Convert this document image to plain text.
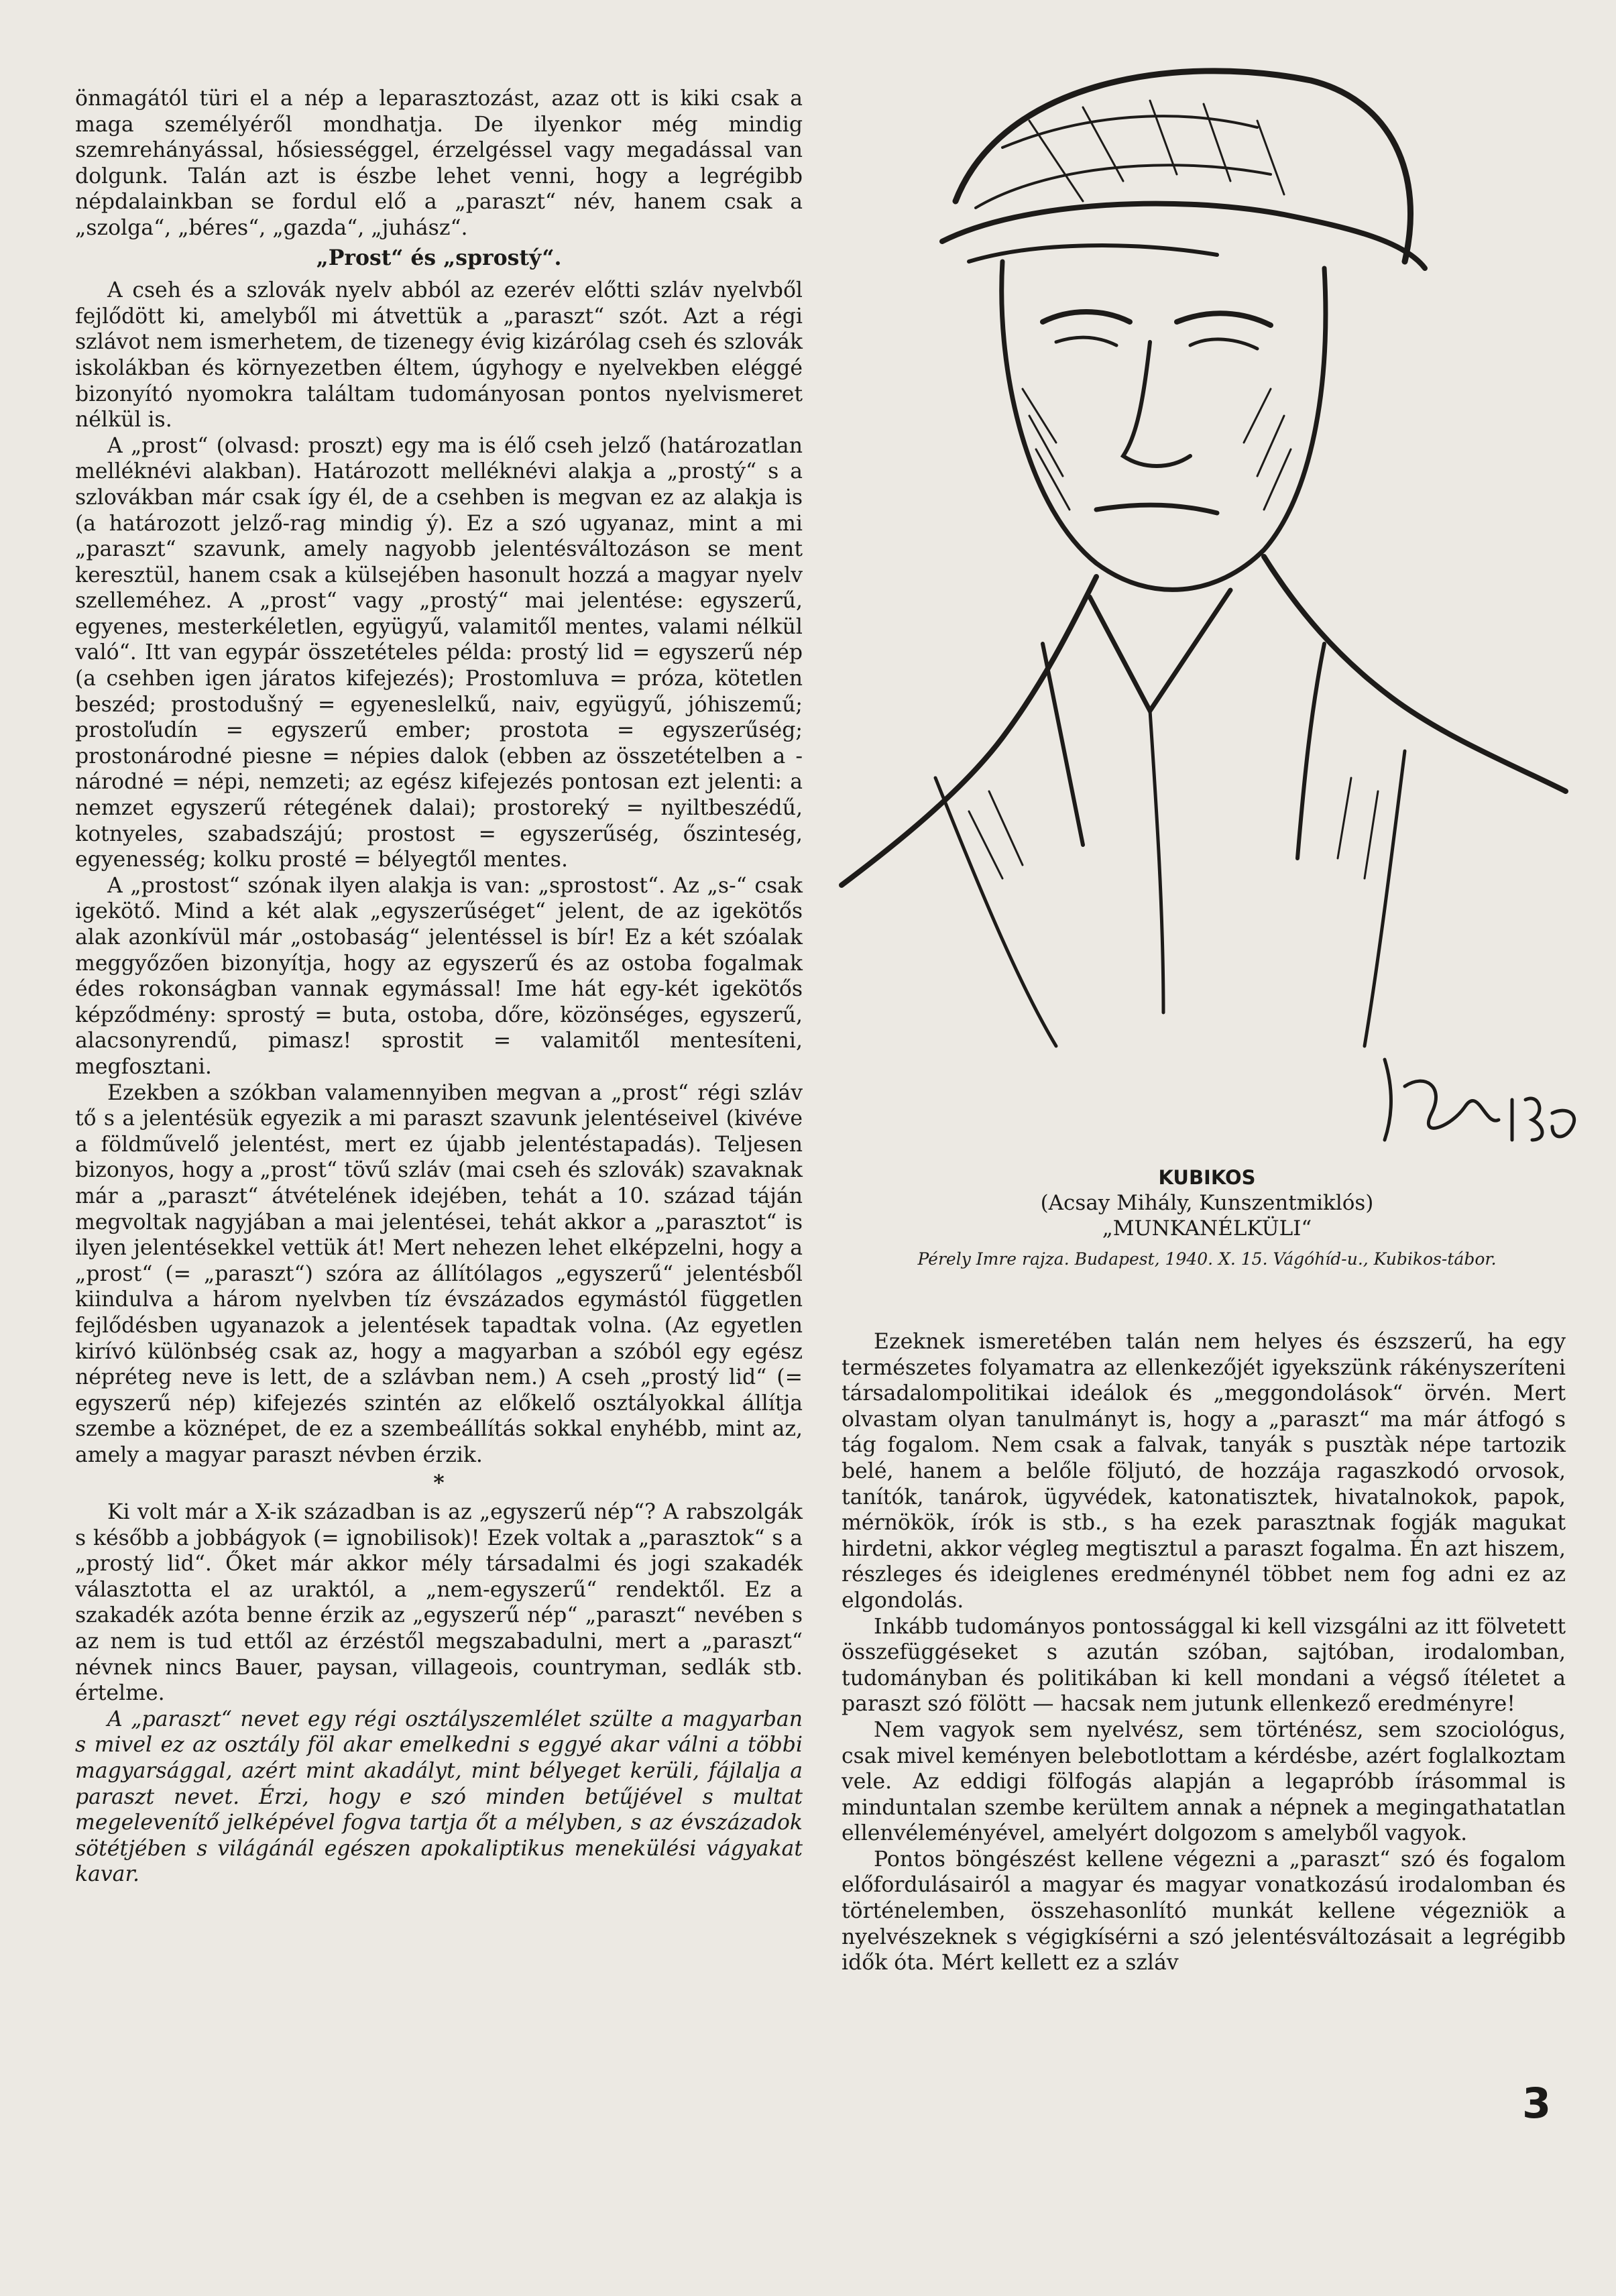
önmagától türi el a nép a leparasztozást, azaz ott is kiki csak a maga személyéről mondhatja. De ilyenkor még mindig szemrehányással, hősiességgel, érzelgéssel vagy megadással van dolgunk. Talán azt is észbe lehet venni, hogy a legrégibb népdalainkban se fordul elő a „paraszt“ név, hanem csak a „szolga“, „béres“, „gazda“, „juhász“.

„Prost“ és „sprostý“.

A cseh és a szlovák nyelv abból az ezerév előtti szláv nyelvből fejlődött ki, amelyből mi átvettük a „paraszt“ szót. Azt a régi szlávot nem ismerhetem, de tizenegy évig kizárólag cseh és szlovák iskolákban és környezetben éltem, úgyhogy e nyelvekben eléggé bizonyító nyomokra találtam tudományosan pontos nyelvismeret nélkül is.

A „prost“ (olvasd: proszt) egy ma is élő cseh jelző (határozatlan melléknévi alakban). Határozott melléknévi alakja a „prostý“ s a szlovákban már csak így él, de a csehben is megvan ez az alakja is (a határozott jelző-rag mindig ý). Ez a szó ugyanaz, mint a mi „paraszt“ szavunk, amely nagyobb jelentésváltozáson se ment keresztül, hanem csak a külsejében hasonult hozzá a magyar nyelv szelleméhez. A „prost“ vagy „prostý“ mai jelentése: egyszerű, egyenes, mesterkéletlen, együgyű, valamitől mentes, valami nélkül való“. Itt van egypár összetételes példa: prostý lid = egyszerű nép (a csehben igen járatos kifejezés); Prostomluva = próza, kötetlen beszéd; prostodušný = egyeneslelkű, naiv, együgyű, jóhiszemű; prostoľudín = egyszerű ember; prostota = egyszerűség; prostonárodné piesne = népies dalok (ebben az összetételben a -národné = népi, nemzeti; az egész kifejezés pontosan ezt jelenti: a nemzet egyszerű rétegének dalai); prostoreký = nyiltbeszédű, kotnyeles, szabadszájú; prostost = egyszerűség, őszinteség, egyenesség; kolku prosté = bélyegtől mentes.

A „prostost“ szónak ilyen alakja is van: „sprostost“. Az „s-“ csak igekötő. Mind a két alak „egyszerűséget“ jelent, de az igekötős alak azonkívül már „ostobaság“ jelentéssel is bír! Ez a két szóalak meggyőzően bizonyítja, hogy az egyszerű és az ostoba fogalmak édes rokonságban vannak egymással! Ime hát egy-két igekötős képződmény: sprostý = buta, ostoba, dőre, közönséges, egyszerű, alacsonyrendű, pimasz! sprostit = valamitől mentesíteni, megfosztani.

Ezekben a szókban valamennyiben megvan a „prost“ régi szláv tő s a jelentésük egyezik a mi paraszt szavunk jelentéseivel (kivéve a földművelő jelentést, mert ez újabb jelentéstapadás). Teljesen bizonyos, hogy a „prost“ tövű szláv (mai cseh és szlovák) szavaknak már a „paraszt“ átvételének idejében, tehát a 10. század táján megvoltak nagyjában a mai jelentései, tehát akkor a „parasztot“ is ilyen jelentésekkel vettük át! Mert nehezen lehet elképzelni, hogy a „prost“ (= „paraszt“) szóra az állítólagos „egyszerű“ jelentésből kiindulva a három nyelvben tíz évszázados egymástól független fejlődésben ugyanazok a jelentések tapadtak volna. (Az egyetlen kirívó különbség csak az, hogy a magyarban a szóból egy egész népréteg neve is lett, de a szlávban nem.) A cseh „prostý lid“ (= egyszerű nép) kifejezés szintén az előkelő osztályokkal állítja szembe a köznépet, de ez a szembeállítás sokkal enyhébb, mint az, amely a magyar paraszt névben érzik.

*

Ki volt már a X-ik században is az „egyszerű nép“? A rabszolgák s később a jobbágyok (= ignobilisok)! Ezek voltak a „parasztok“ s a „prostý lid“. Őket már akkor mély társadalmi és jogi szakadék választotta el az uraktól, a „nem-egyszerű“ rendektől. Ez a szakadék azóta benne érzik az „egyszerű nép“ „paraszt“ nevében s az nem is tud ettől az érzéstől megszabadulni, mert a „paraszt“ névnek nincs Bauer, paysan, villageois, countryman, sedlák stb. értelme.

A „paraszt“ nevet egy régi osztályszemlélet szülte a magyarban s mivel ez az osztály föl akar emelkedni s eggyé akar válni a többi magyarsággal, azért mint akadályt, mint bélyeget kerüli, fájlalja a paraszt nevet. Érzi, hogy e szó minden betűjével s multat megelevenítő jelképével fogva tartja őt a mélyben, s az évszázadok sötétjében s világánál egészen apokaliptikus menekülési vágyakat kavar.

KUBIKOS
(Acsay Mihály, Kunszentmiklós)
„MUNKANÉLKÜLI“
Pérely Imre rajza. Budapest, 1940. X. 15. Vágóhíd-u., Kubikos-tábor.

Ezeknek ismeretében talán nem helyes és észszerű, ha egy természetes folyamatra az ellenkezőjét igyekszünk rákényszeríteni társadalompolitikai ideálok és „meggondolások“ örvén. Mert olvastam olyan tanulmányt is, hogy a „paraszt“ ma már átfogó s tág fogalom. Nem csak a falvak, tanyák s pusztàk népe tartozik belé, hanem a belőle följutó, de hozzája ragaszkodó orvosok, tanítók, tanárok, ügyvédek, katonatisztek, hivatalnokok, papok, mérnökök, írók is stb., s ha ezek parasztnak fogják magukat hirdetni, akkor végleg megtisztul a paraszt fogalma. Én azt hiszem, részleges és ideiglenes eredménynél többet nem fog adni ez az elgondolás.

Inkább tudományos pontossággal ki kell vizsgálni az itt fölvetett összefüggéseket s azután szóban, sajtóban, irodalomban, tudományban és politikában ki kell mondani a végső ítéletet a paraszt szó fölött — hacsak nem jutunk ellenkező eredményre!

Nem vagyok sem nyelvész, sem történész, sem szociológus, csak mivel keményen belebotlottam a kérdésbe, azért foglalkoztam vele. Az eddigi fölfogás alapján a legapróbb írásommal is minduntalan szembe kerültem annak a népnek a megingathatatlan ellenvéleményével, amelyért dolgozom s amelyből vagyok.

Pontos böngészést kellene végezni a „paraszt“ szó és fogalom előfordulásairól a magyar és magyar vonatkozású irodalomban és történelemben, összehasonlító munkát kellene végezniök a nyelvészeknek s végigkísérni a szó jelentésváltozásait a legrégibb idők óta. Mért kellett ez a szláv

3
